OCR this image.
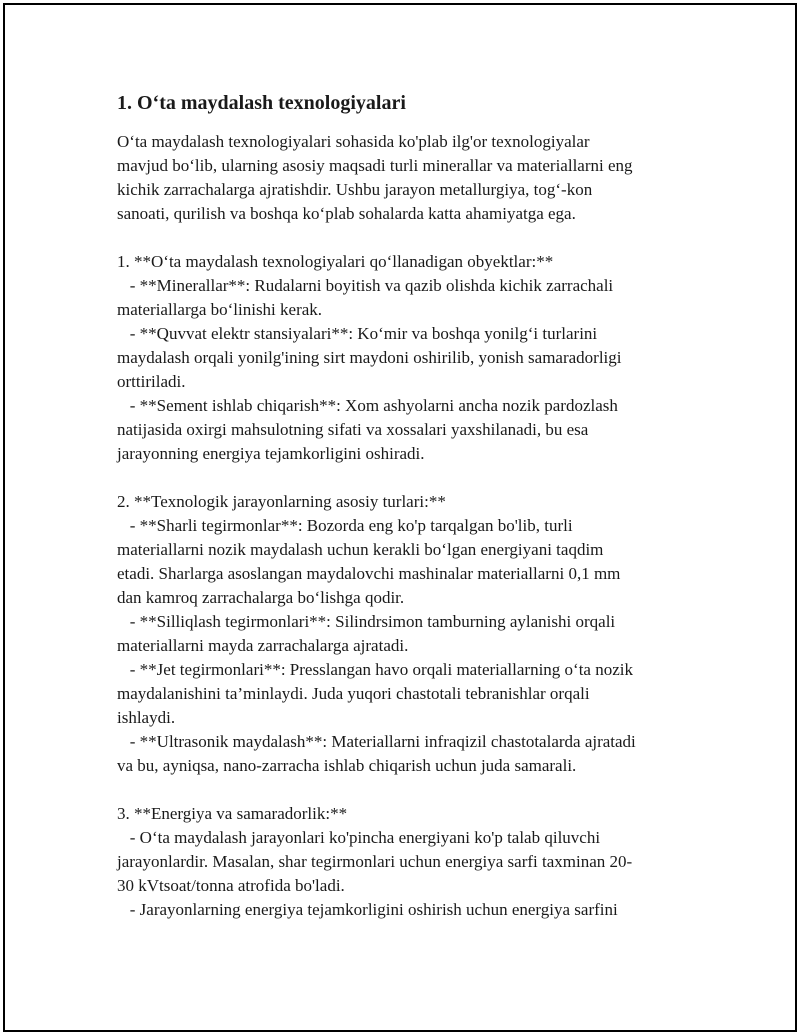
1. O‘ta maydalash texnologiyalari
O‘ta maydalash texnologiyalari sohasida ko'plab ilg'or texnologiyalar
mavjud bo‘lib, ularning asosiy maqsadi turli minerallar va materiallarni eng
kichik zarrachalarga ajratishdir. Ushbu jarayon metallurgiya, tog‘-kon
sanoati, qurilish va boshqa ko‘plab sohalarda katta ahamiyatga ega.
1. **O‘ta maydalash texnologiyalari qo‘llanadigan obyektlar:**
- **Minerallar**: Rudalarni boyitish va qazib olishda kichik zarrachali
materiallarga bo‘linishi kerak.
- **Quvvat elektr stansiyalari**: Ko‘mir va boshqa yonilg‘i turlarini
maydalash orqali yonilg'ining sirt maydoni oshirilib, yonish samaradorligi
orttiriladi.
- **Sement ishlab chiqarish**: Xom ashyolarni ancha nozik pardozlash
natijasida oxirgi mahsulotning sifati va xossalari yaxshilanadi, bu esa
jarayonning energiya tejamkorligini oshiradi.
2. **Texnologik jarayonlarning asosiy turlari:**
- **Sharli tegirmonlar**: Bozorda eng ko'p tarqalgan bo'lib, turli
materiallarni nozik maydalash uchun kerakli bo‘lgan energiyani taqdim
etadi. Sharlarga asoslangan maydalovchi mashinalar materiallarni 0,1 mm
dan kamroq zarrachalarga bo‘lishga qodir.
- **Silliqlash tegirmonlari**: Silindrsimon tamburning aylanishi orqali
materiallarni mayda zarrachalarga ajratadi.
- **Jet tegirmonlari**: Presslangan havo orqali materiallarning o‘ta nozik
maydalanishini ta’minlaydi. Juda yuqori chastotali tebranishlar orqali
ishlaydi.
- **Ultrasonik maydalash**: Materiallarni infraqizil chastotalarda ajratadi
va bu, ayniqsa, nano-zarracha ishlab chiqarish uchun juda samarali.
3. **Energiya va samaradorlik:**
- O‘ta maydalash jarayonlari ko'pincha energiyani ko'p talab qiluvchi
jarayonlardir. Masalan, shar tegirmonlari uchun energiya sarfi taxminan 20-
30 kVtsoat/tonna atrofida bo'ladi.
- Jarayonlarning energiya tejamkorligini oshirish uchun energiya sarfini
